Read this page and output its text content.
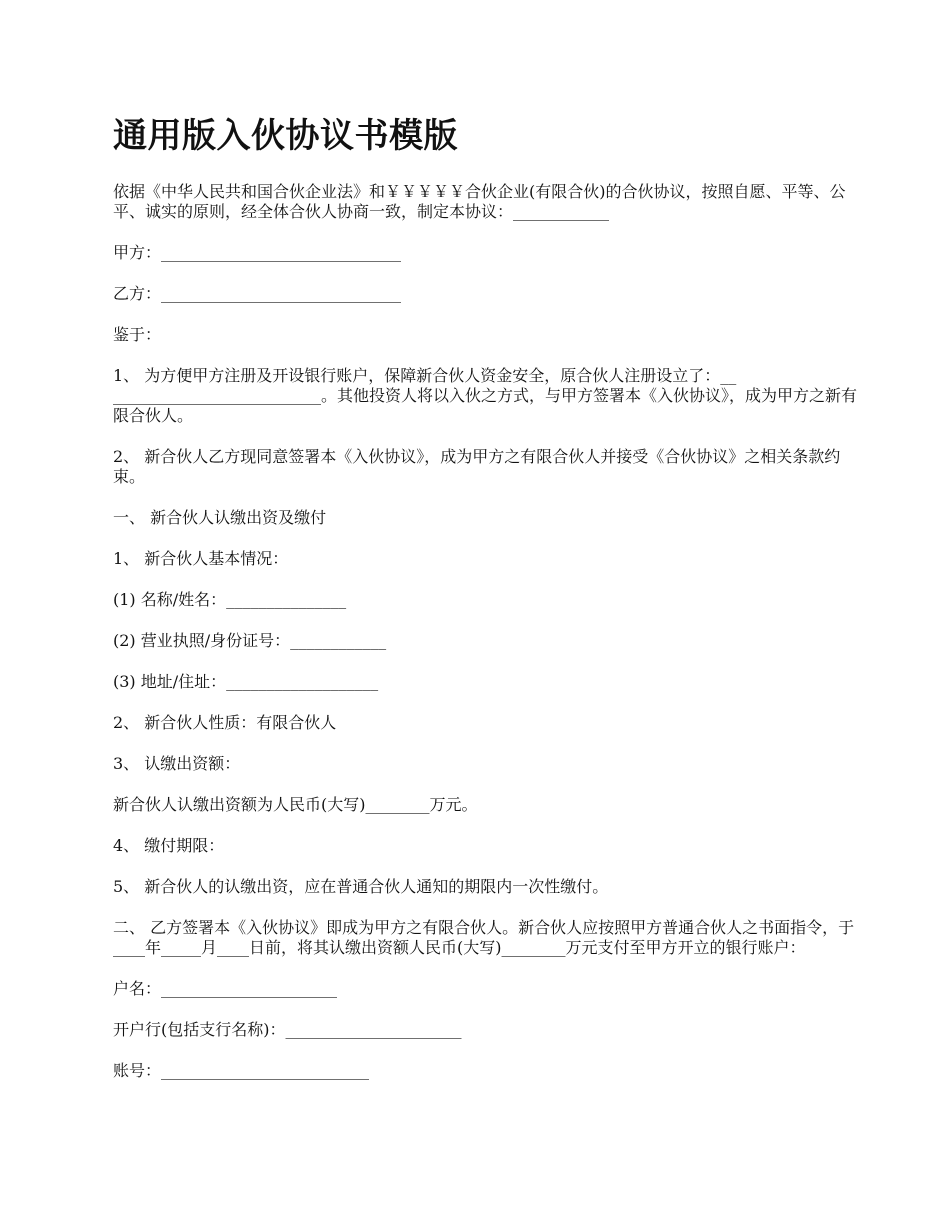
通用版入伙协议书模版

依据《中华人民共和国合伙企业法》和￥￥￥￥￥合伙企业(有限合伙)的合伙协议，按照自愿、平等、公平、诚实的原则，经全体合伙人协商一致，制定本协议：____________

甲方：______________________________

乙方：______________________________

鉴于：

1、 为方便甲方注册及开设银行账户，保障新合伙人资金安全，原合伙人注册设立了：__
__________________________。其他投资人将以入伙之方式，与甲方签署本《入伙协议》，成为甲方之新有限合伙人。

2、 新合伙人乙方现同意签署本《入伙协议》，成为甲方之有限合伙人并接受《合伙协议》之相关条款约束。

一、 新合伙人认缴出资及缴付

1、 新合伙人基本情况：

(1) 名称/姓名：_______________

(2) 营业执照/身份证号：____________

(3) 地址/住址：___________________

2、 新合伙人性质：有限合伙人

3、 认缴出资额：

新合伙人认缴出资额为人民币(大写)________万元。

4、 缴付期限：

5、 新合伙人的认缴出资，应在普通合伙人通知的期限内一次性缴付。

二、 乙方签署本《入伙协议》即成为甲方之有限合伙人。新合伙人应按照甲方普通合伙人之书面指令，于____年_____月____日前，将其认缴出资额人民币(大写)________万元支付至甲方开立的银行账户：

户名：______________________

开户行(包括支行名称)：______________________

账号：__________________________
